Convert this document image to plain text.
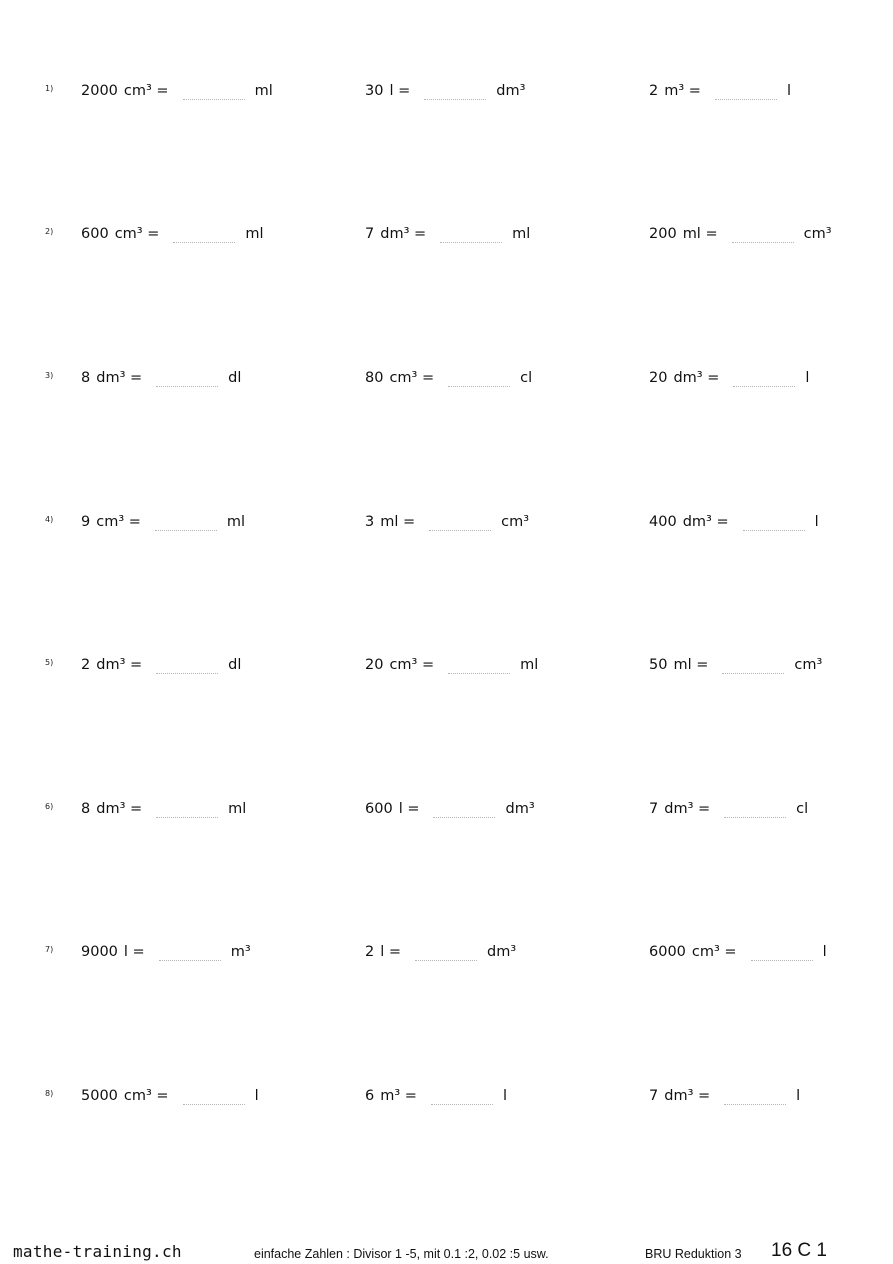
1) 2000 cm³ =	ml	30 l =	dm³	2 m³ =	l
2) 600 cm³ =	ml	7 dm³ =	ml	200 ml =	cm³
3) 8 dm³ =	dl	80 cm³ =	cl	20 dm³ =	l
4) 9 cm³ =	ml	3 ml =	cm³	400 dm³ =	l
5) 2 dm³ =	dl	20 cm³ =	ml	50 ml =	cm³
6) 8 dm³ =	ml	600 l =	dm³	7 dm³ =	cl
7) 9000 l =	m³	2 l =	dm³	6000 cm³ =	l
8) 5000 cm³ =	l	6 m³ =	l	7 dm³ =	l
mathe-training.ch	einfache Zahlen : Divisor 1 -5, mit 0.1 :2, 0.02 :5 usw.	BRU Reduktion 3 16 C 1
